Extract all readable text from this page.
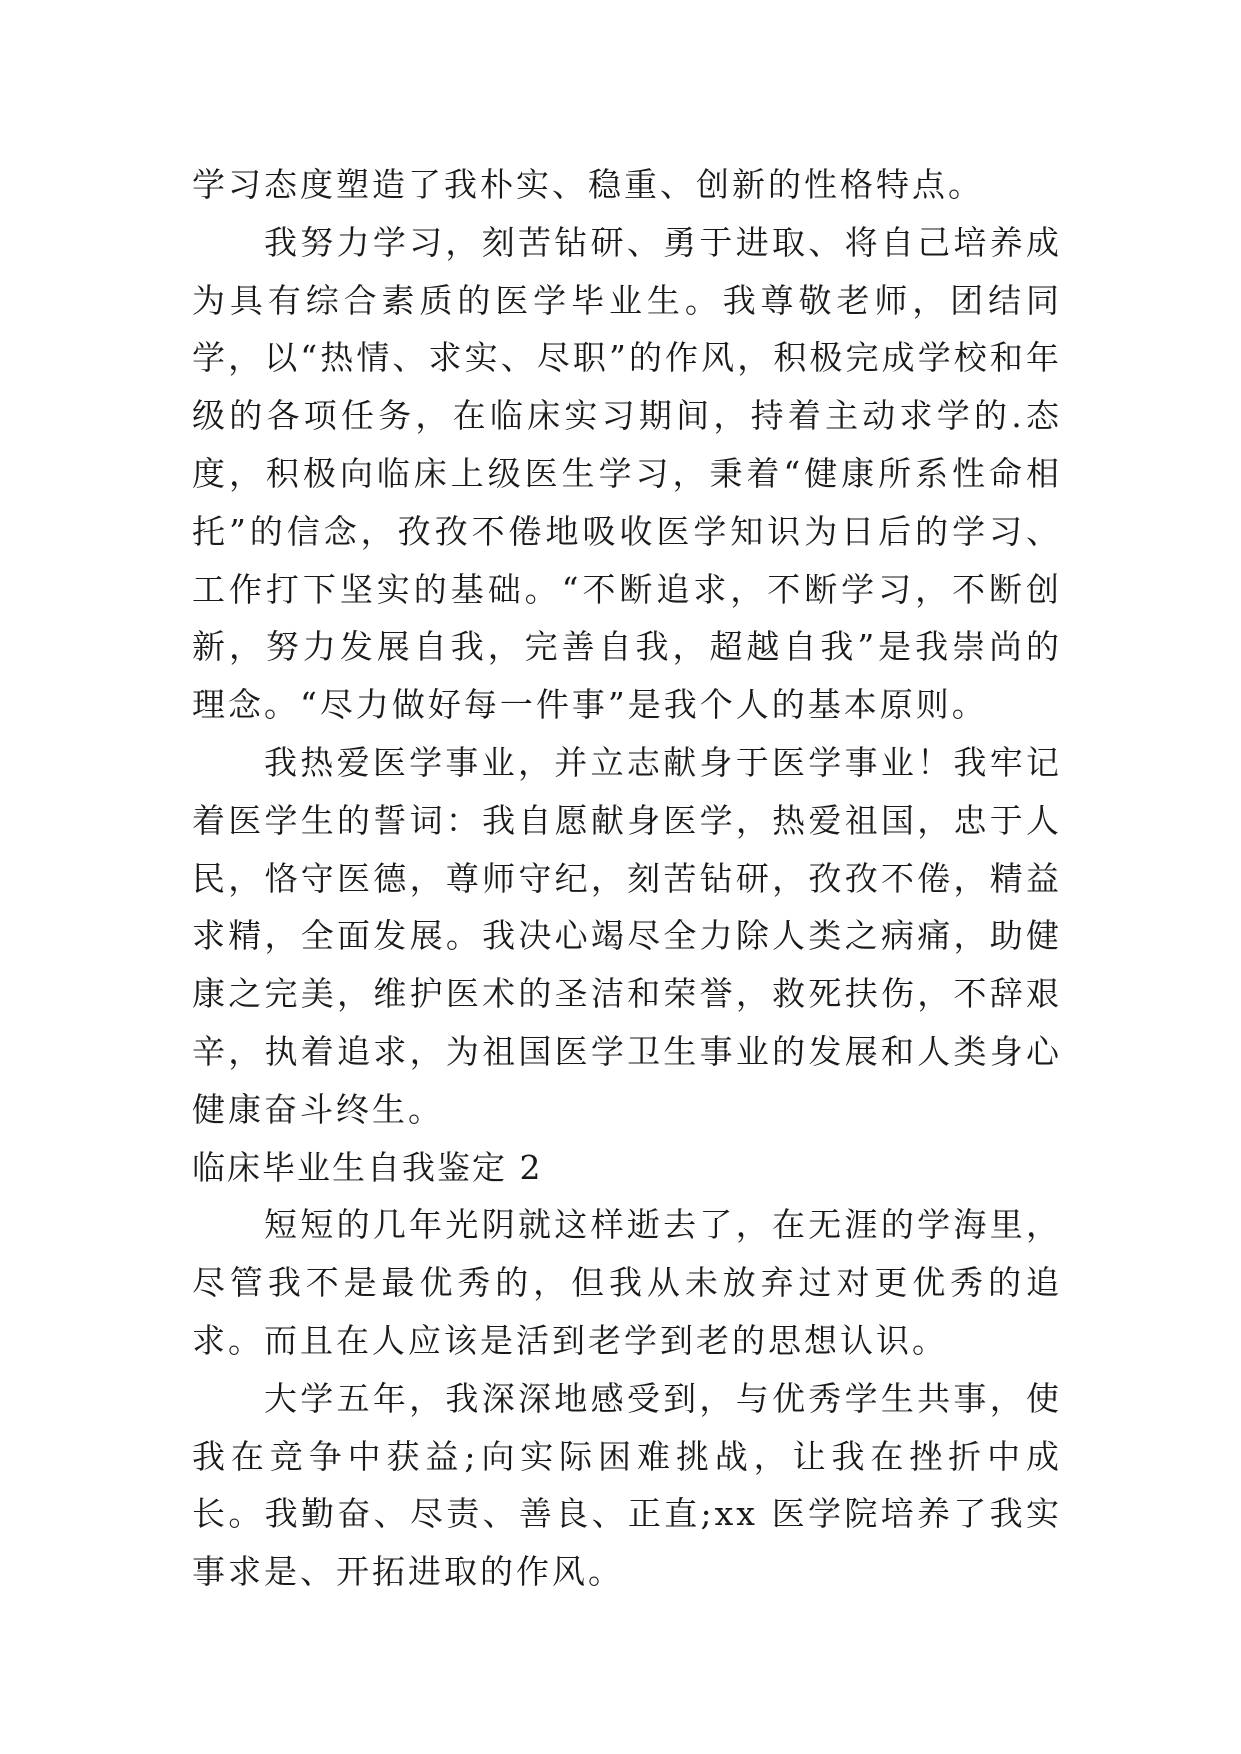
学习态度塑造了我朴实、稳重、创新的性格特点。

我努力学习，刻苦钻研、勇于进取、将自己培养成为具有综合素质的医学毕业生。我尊敬老师，团结同学，以“热情、求实、尽职”的作风，积极完成学校和年级的各项任务，在临床实习期间，持着主动求学的.态度，积极向临床上级医生学习，秉着“健康所系性命相托”的信念，孜孜不倦地吸收医学知识为日后的学习、工作打下坚实的基础。“不断追求，不断学习，不断创新，努力发展自我，完善自我，超越自我”是我崇尚的理念。“尽力做好每一件事”是我个人的基本原则。

我热爱医学事业，并立志献身于医学事业！我牢记着医学生的誓词：我自愿献身医学，热爱祖国，忠于人民，恪守医德，尊师守纪，刻苦钻研，孜孜不倦，精益求精，全面发展。我决心竭尽全力除人类之病痛，助健康之完美，维护医术的圣洁和荣誉，救死扶伤，不辞艰辛，执着追求，为祖国医学卫生事业的发展和人类身心健康奋斗终生。

临床毕业生自我鉴定 2

短短的几年光阴就这样逝去了，在无涯的学海里，尽管我不是最优秀的，但我从未放弃过对更优秀的追求。而且在人应该是活到老学到老的思想认识。

大学五年，我深深地感受到，与优秀学生共事，使我在竞争中获益;向实际困难挑战，让我在挫折中成长。我勤奋、尽责、善良、正直;xx 医学院培养了我实事求是、开拓进取的作风。
